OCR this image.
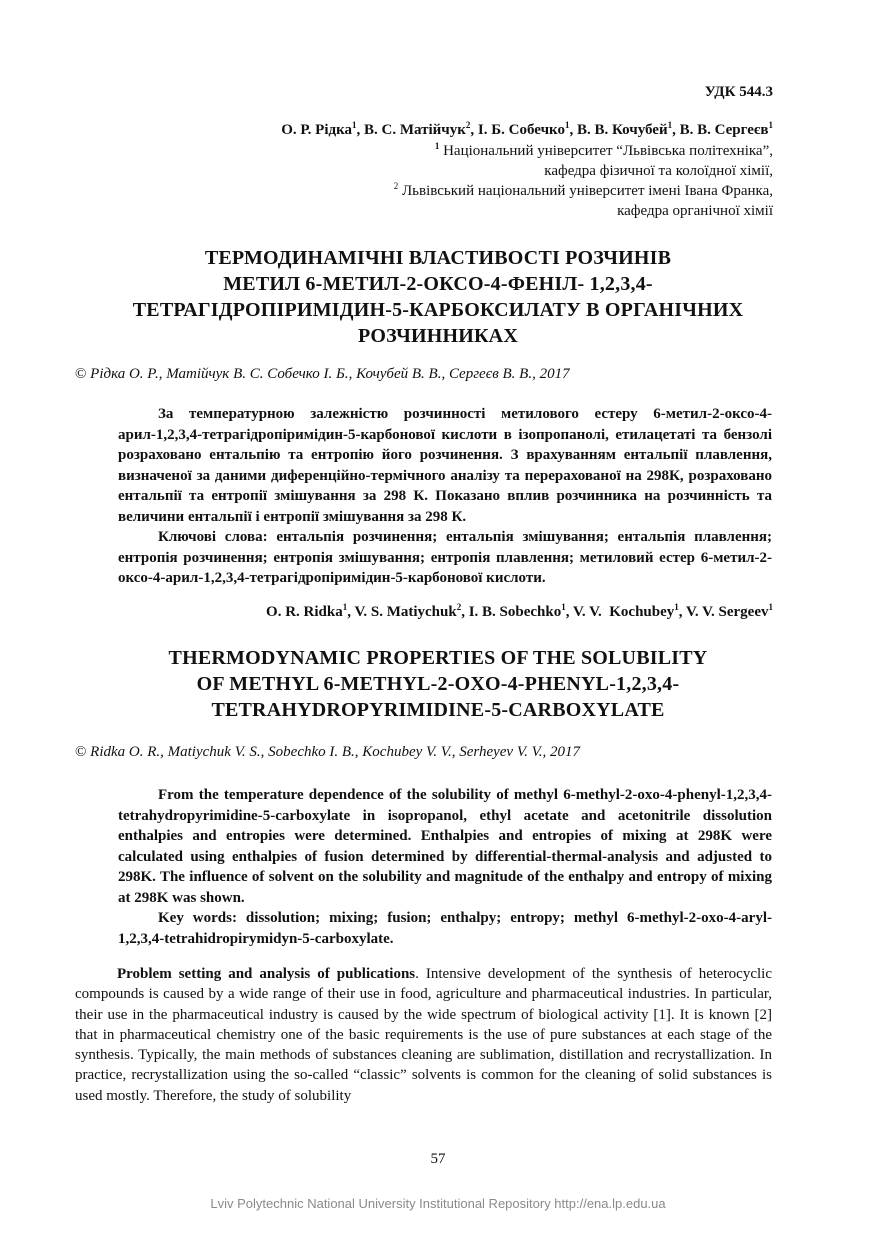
УДК 544.3
О. Р. Рідка$^1$, В. С. Матійчук$^2$, І. Б. Собечко$^1$, В. В. Кочубей$^1$, В. В. Сергеєв$^1$
$^1$ Національний університет “Львівська політехніка”,
кафедра фізичної та колоїдної хімії,
$^2$ Львівський національний університет імені Івана Франка,
кафедра органічної хімії
ТЕРМОДИНАМІЧНІ ВЛАСТИВОСТІ РОЗЧИНІВ
МЕТИЛ 6-МЕТИЛ-2-ОКСО-4-ФЕНІЛ- 1,2,3,4-
ТЕТРАГІДРОПІРИМІДИН-5-КАРБОКСИЛАТУ В ОРГАНІЧНИХ
РОЗЧИННИКАХ
© Рідка О. Р., Матійчук В. С. Собечко І. Б., Кочубей В. В., Сергеєв В. В., 2017

За температурною залежністю розчинності метилового естеру 6-метил-2-оксо-4-арил-1,2,3,4-тетрагідропіримідин-5-карбонової кислоти в ізопропанолі, етилацетаті та бензолі розраховано ентальпію та ентропію його розчинення. З врахуванням ентальпії плавлення, визначеної за даними диференційно-термічного аналізу та перерахованої на 298К, розраховано ентальпії та ентропії змішування за 298 К. Показано вплив розчинника на розчинність та величини ентальпії і ентропії змішування за 298 К.

Ключові слова: ентальпія розчинення; ентальпія змішування; ентальпія плавлення; ентропія розчинення; ентропія змішування; ентропія плавлення; метиловий естер 6-метил-2-оксо-4-арил-1,2,3,4-тетрагідропіримідин-5-карбонової кислоти.

O. R. Ridka$^1$, V. S. Matiychuk$^2$, I. B. Sobechko$^1$, V. V.  Kochubey$^1$, V. V. Sergeev$^1$
THERMODYNAMIC PROPERTIES OF THE SOLUBILITY
OF METHYL 6-METHYL-2-OXO-4-PHENYL-1,2,3,4-
TETRAHYDROPYRIMIDINE-5-CARBOXYLATE
© Ridka O. R., Matiychuk V. S., Sobechko I. B., Kochubey V. V., Serheyev V. V., 2017

From the temperature dependence of the solubility of methyl 6-methyl-2-oxo-4-phenyl-1,2,3,4-tetrahydropyrimidine-5-carboxylate in isopropanol, ethyl acetate and acetonitrile dissolution enthalpies and entropies were determined. Enthalpies and entropies of mixing at 298K were calculated using enthalpies of fusion determined by differential-thermal-analysis and adjusted to 298K. The influence of solvent on the solubility and magnitude of the enthalpy and entropy of mixing at 298K was shown.

Key words: dissolution; mixing; fusion; enthalpy; entropy; methyl 6-methyl-2-oxo-4-aryl-1,2,3,4-tetrahidropirymidyn-5-carboxylate.

Problem setting and analysis of publications. Intensive development of the synthesis of heterocyclic compounds is caused by a wide range of their use in food, agriculture and pharmaceutical industries. In particular, their use in the pharmaceutical industry is caused by the wide spectrum of biological activity [1]. It is known [2] that in pharmaceutical chemistry one of the basic requirements is the use of pure substances at each stage of the synthesis. Typically, the main methods of substances cleaning are sublimation, distillation and recrystallization. In practice, recrystallization using the so-called “classic” solvents is common for the cleaning of solid substances is used mostly. Therefore, the study of solubility

57
Lviv Polytechnic National University Institutional Repository http://ena.lp.edu.ua
